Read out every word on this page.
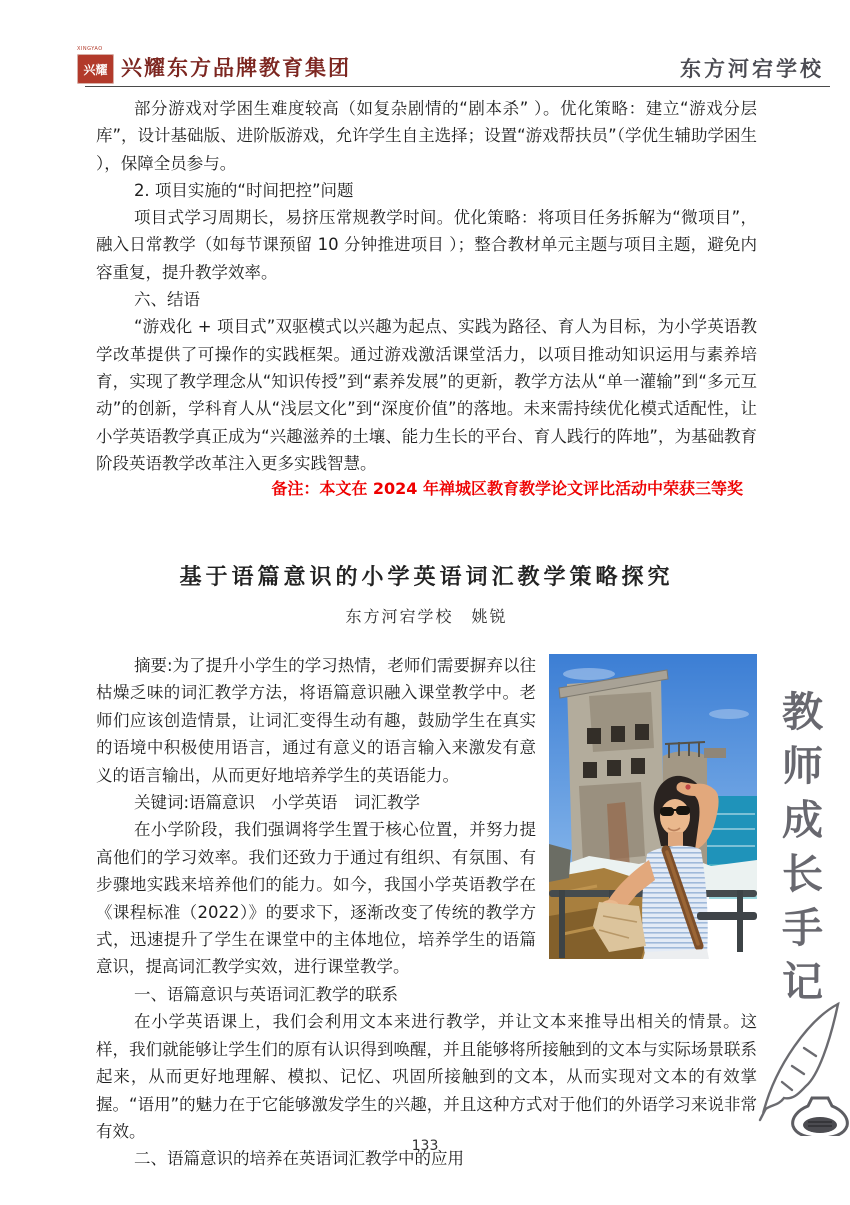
XINGYAO
兴耀 兴耀东方品牌教育集团	东方河宕学校

部分游戏对学困生难度较高（如复杂剧情的“剧本杀” ）。优化策略：建立“游戏分层库”，设计基础版、进阶版游戏，允许学生自主选择；设置“游戏帮扶员”（学优生辅助学困生 ），保障全员参与。

2. 项目实施的“时间把控”问题

项目式学习周期长，易挤压常规教学时间。优化策略：将项目任务拆解为“微项目”，融入日常教学（如每节课预留 10 分钟推进项目 ）；整合教材单元主题与项目主题，避免内容重复，提升教学效率。

六、结语

“游戏化 + 项目式”双驱模式以兴趣为起点、实践为路径、育人为目标，为小学英语教学改革提供了可操作的实践框架。通过游戏激活课堂活力，以项目推动知识运用与素养培育，实现了教学理念从“知识传授”到“素养发展”的更新，教学方法从“单一灌输”到“多元互动”的创新，学科育人从“浅层文化”到“深度价值”的落地。未来需持续优化模式适配性，让小学英语教学真正成为“兴趣滋养的土壤、能力生长的平台、育人践行的阵地”，为基础教育阶段英语教学改革注入更多实践智慧。

备注：本文在 2024 年禅城区教育教学论文评比活动中荣获三等奖
基于语篇意识的小学英语词汇教学策略探究
东方河宕学校　姚锐

摘要:为了提升小学生的学习热情，老师们需要摒弃以往枯燥乏味的词汇教学方法，将语篇意识融入课堂教学中。老师们应该创造情景，让词汇变得生动有趣，鼓励学生在真实的语境中积极使用语言，通过有意义的语言输入来激发有意义的语言输出，从而更好地培养学生的英语能力。

关键词:语篇意识　小学英语　词汇教学

在小学阶段，我们强调将学生置于核心位置，并努力提高他们的学习效率。我们还致力于通过有组织、有氛围、有步骤地实践来培养他们的能力。如今，我国小学英语教学在《课程标准（2022）》的要求下，逐渐改变了传统的教学方式，迅速提升了学生在课堂中的主体地位，培养学生的语篇意识，提高词汇教学实效，进行课堂教学。

一、语篇意识与英语词汇教学的联系

在小学英语课上，我们会利用文本来进行教学，并让文本来推导出相关的情景。这样，我们就能够让学生们的原有认识得到唤醒，并且能够将所接触到的文本与实际场景联系起来，从而更好地理解、模拟、记忆、巩固所接触到的文本，从而实现对文本的有效掌握。“语用”的魅力在于它能够激发学生的兴趣，并且这种方式对于他们的外语学习来说非常有效。

二、语篇意识的培养在英语词汇教学中的应用

教师成长手记
133
